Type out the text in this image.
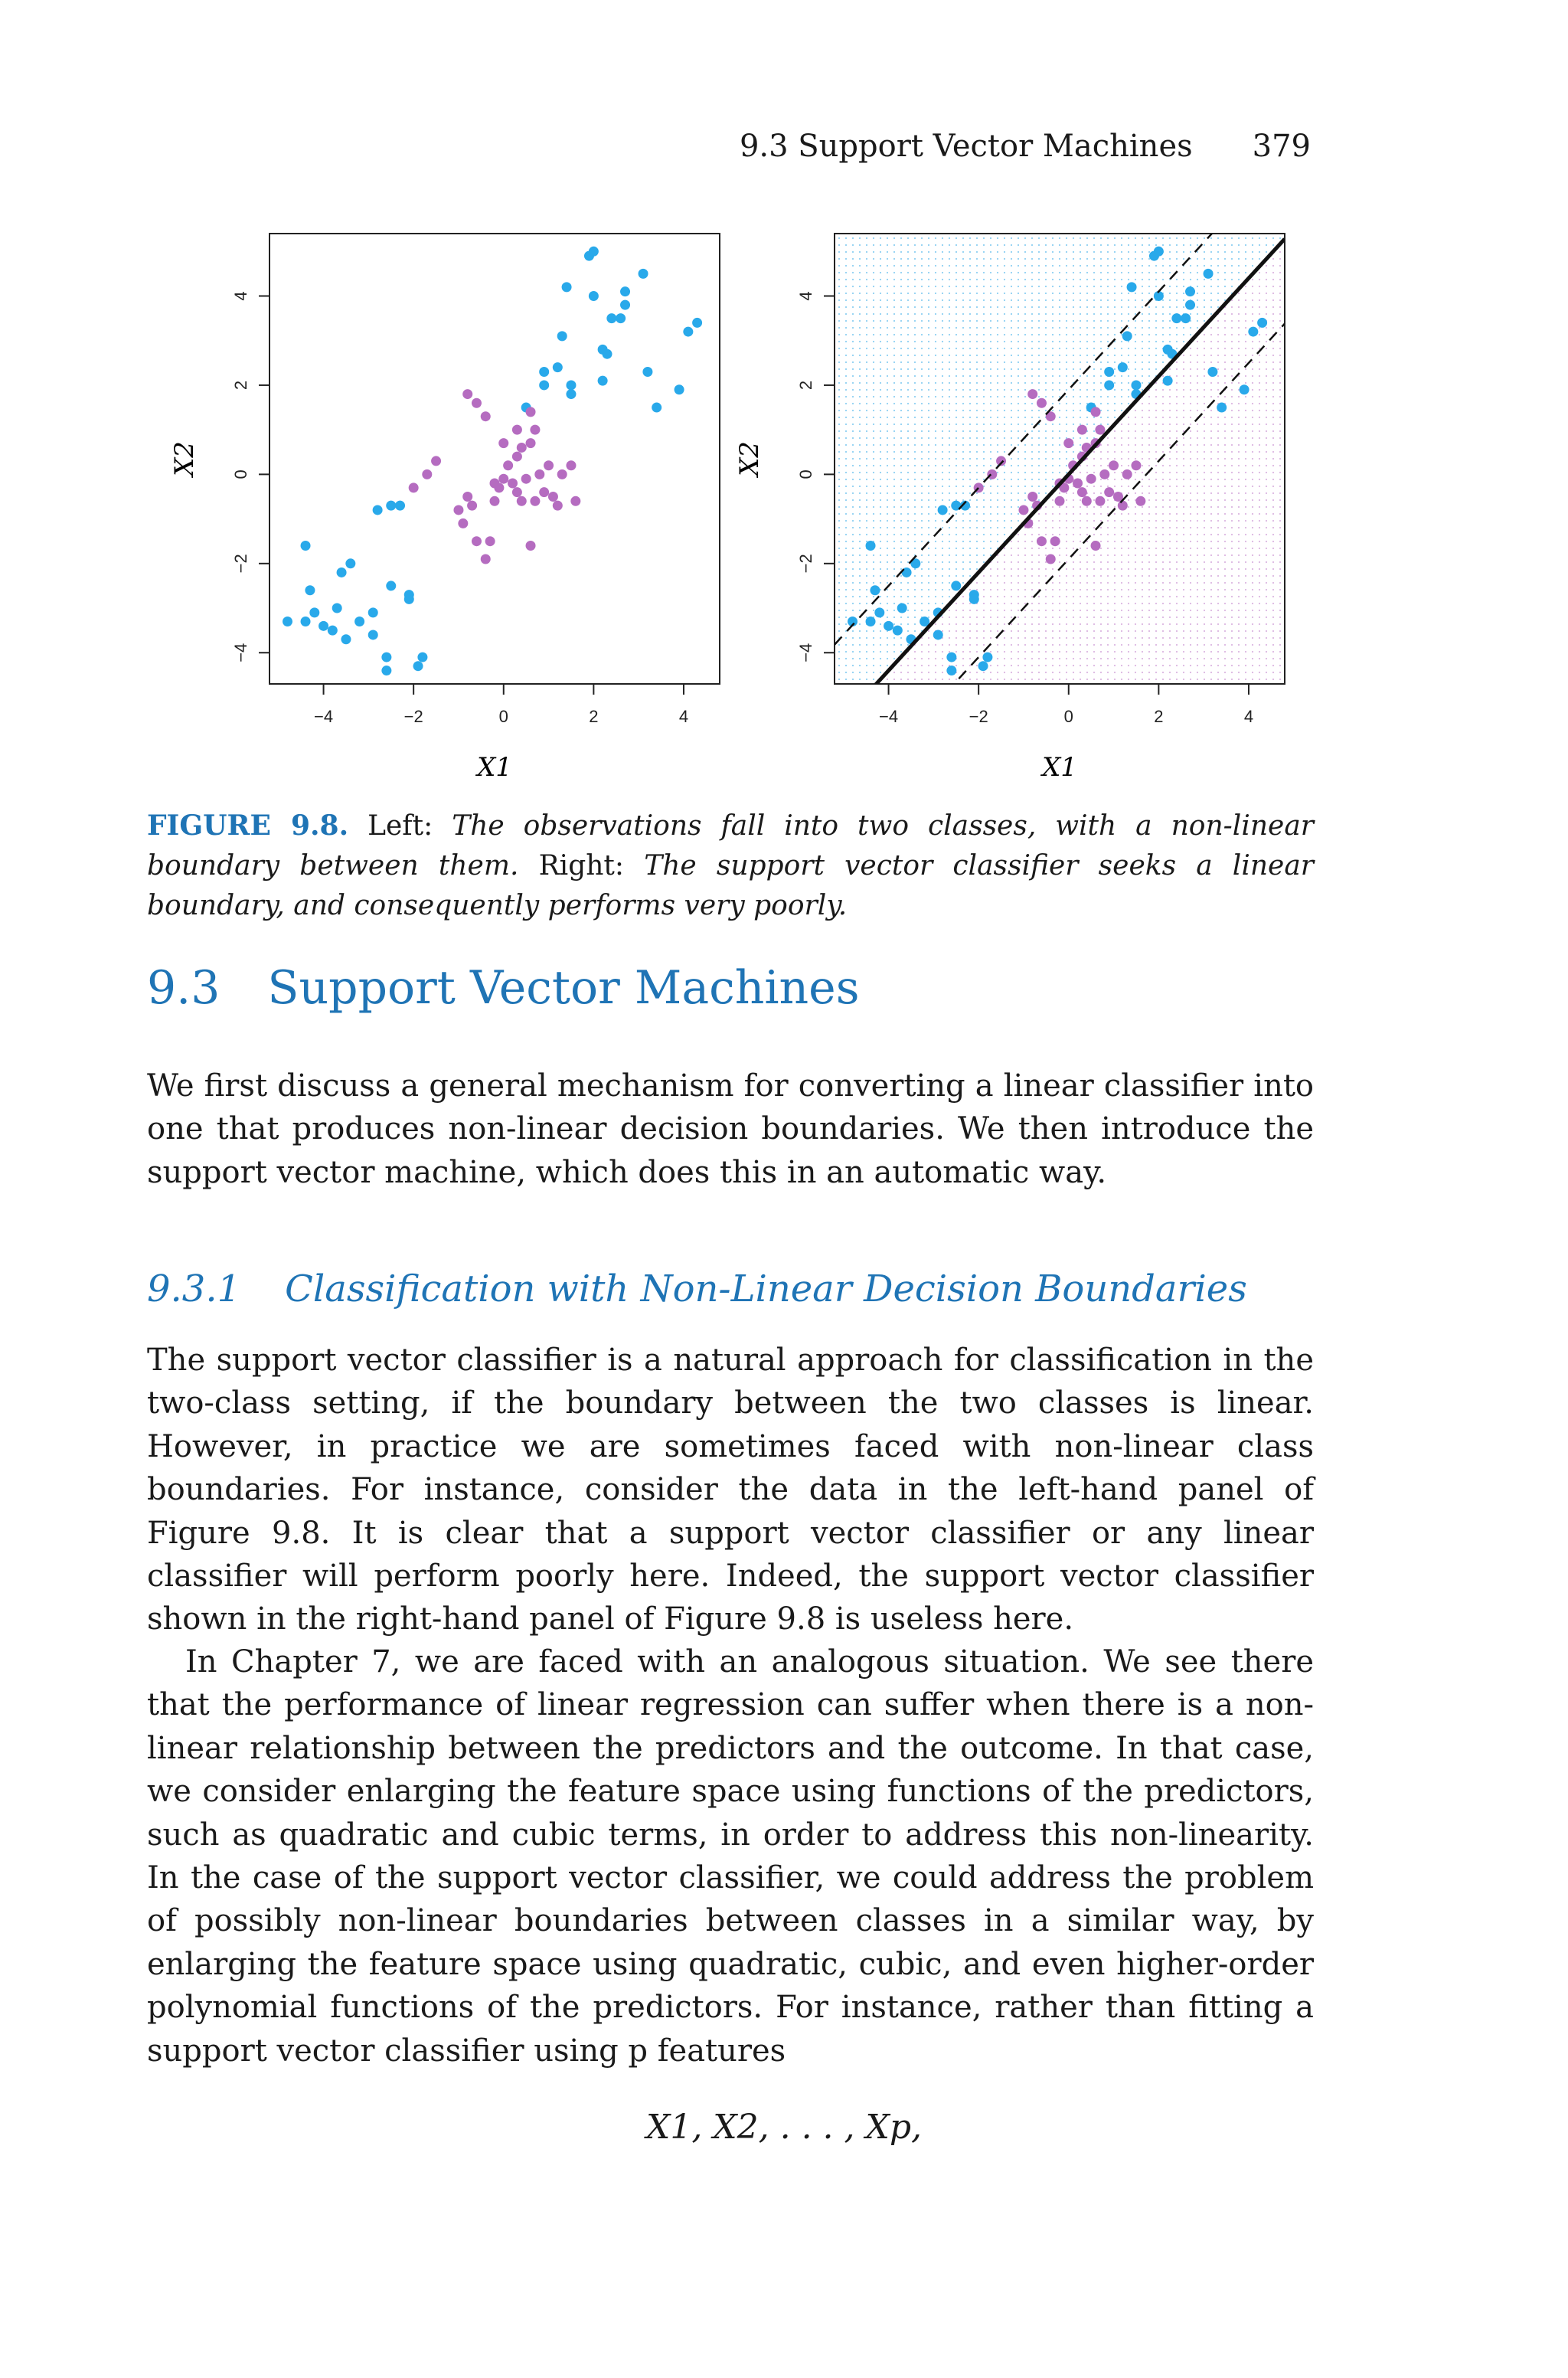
9.3 Support Vector Machines 379
−4
−4
−2
−2
0
0
2
2
4
4
X1
X2
−4
−4
−2
−2
0
0
2
2
4
4
X1
X2
FIGURE 9.8. Left: The observations fall into two classes, with a non-linear boundary between them. Right: The support vector classifier seeks a linear boundary, and consequently performs very poorly.
9.3 Support Vector Machines

We first discuss a general mechanism for converting a linear classifier into one that produces non-linear decision boundaries. We then introduce the support vector machine, which does this in an automatic way.

9.3.1 Classification with Non-Linear Decision Boundaries

The support vector classifier is a natural approach for classification in the two-class setting, if the boundary between the two classes is linear. However, in practice we are sometimes faced with non-linear class boundaries. For instance, consider the data in the left-hand panel of Figure 9.8. It is clear that a support vector classifier or any linear classifier will perform poorly here. Indeed, the support vector classifier shown in the right-hand panel of Figure 9.8 is useless here.

In Chapter 7, we are faced with an analogous situation. We see there that the performance of linear regression can suffer when there is a non-linear relationship between the predictors and the outcome. In that case, we consider enlarging the feature space using functions of the predictors, such as quadratic and cubic terms, in order to address this non-linearity. In the case of the support vector classifier, we could address the problem of possibly non-linear boundaries between classes in a similar way, by enlarging the feature space using quadratic, cubic, and even higher-order polynomial functions of the predictors. For instance, rather than fitting a support vector classifier using p features

X1, X2, . . . , Xp,
